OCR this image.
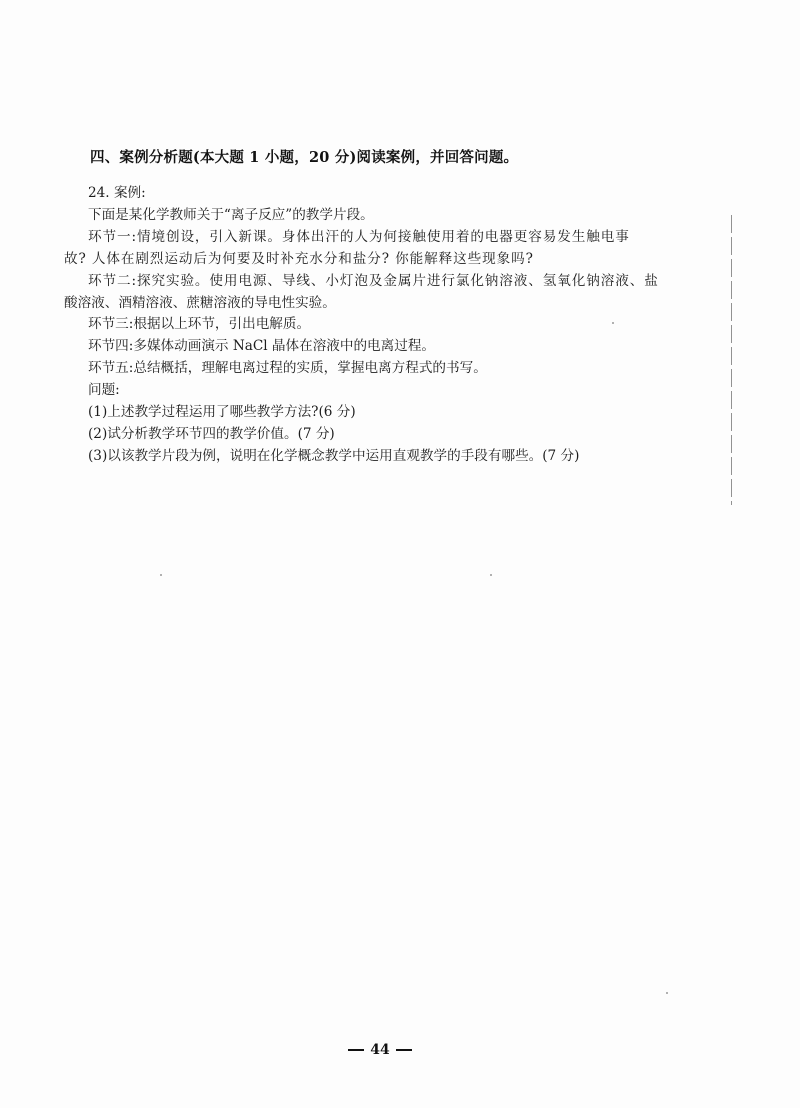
四、案例分析题(本大题 1 小题，20 分)阅读案例，并回答问题。
24. 案例:
下面是某化学教师关于“离子反应”的教学片段。
环节一:情境创设，引入新课。身体出汗的人为何接触使用着的电器更容易发生触电事
故? 人体在剧烈运动后为何要及时补充水分和盐分? 你能解释这些现象吗?
环节二:探究实验。使用电源、导线、小灯泡及金属片进行氯化钠溶液、氢氧化钠溶液、盐
酸溶液、酒精溶液、蔗糖溶液的导电性实验。
环节三:根据以上环节，引出电解质。
环节四:多媒体动画演示 NaCl 晶体在溶液中的电离过程。
环节五:总结概括，理解电离过程的实质，掌握电离方程式的书写。
问题:
(1)上述教学过程运用了哪些教学方法?(6 分)
(2)试分析教学环节四的教学价值。(7 分)
(3)以该教学片段为例，说明在化学概念教学中运用直观教学的手段有哪些。(7 分)
44
